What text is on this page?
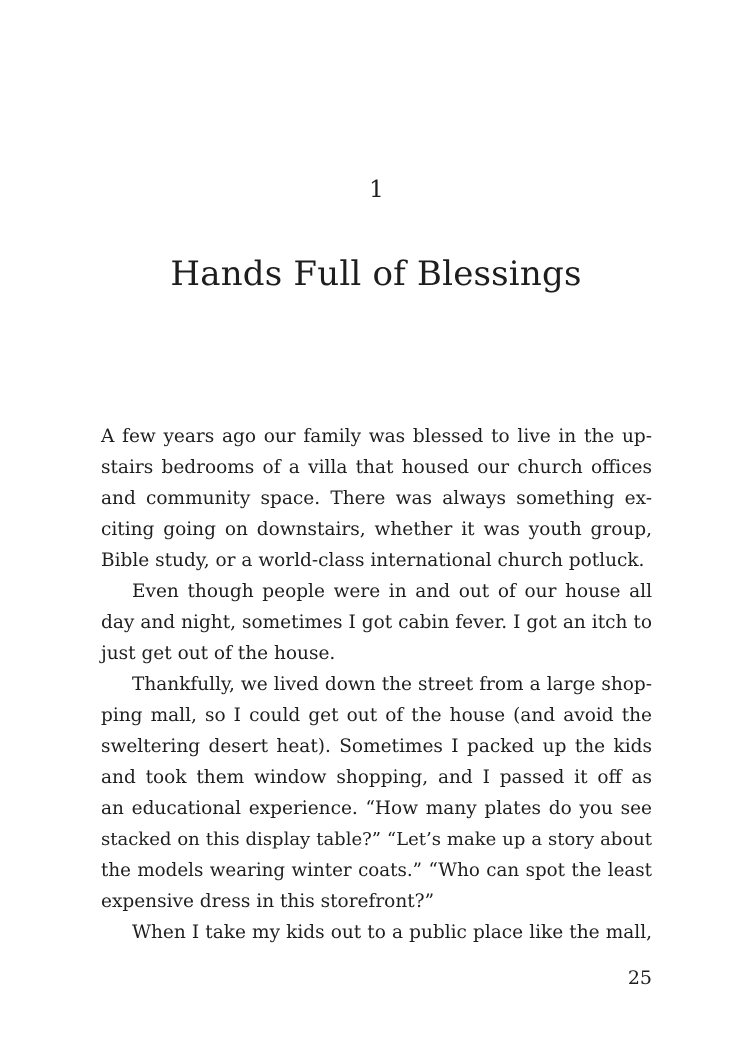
1
Hands Full of Blessings
A few years ago our family was blessed to live in the up-
stairs bedrooms of a villa that housed our church offices
and community space. There was always something ex-
citing going on downstairs, whether it was youth group,
Bible study, or a world-class international church potluck.
Even though people were in and out of our house all
day and night, sometimes I got cabin fever. I got an itch to
just get out of the house.
Thankfully, we lived down the street from a large shop-
ping mall, so I could get out of the house (and avoid the
sweltering desert heat). Sometimes I packed up the kids
and took them window shopping, and I passed it off as
an educational experience. “How many plates do you see
stacked on this display table?” “Let’s make up a story about
the models wearing winter coats.” “Who can spot the least
expensive dress in this storefront?”
When I take my kids out to a public place like the mall,
25
